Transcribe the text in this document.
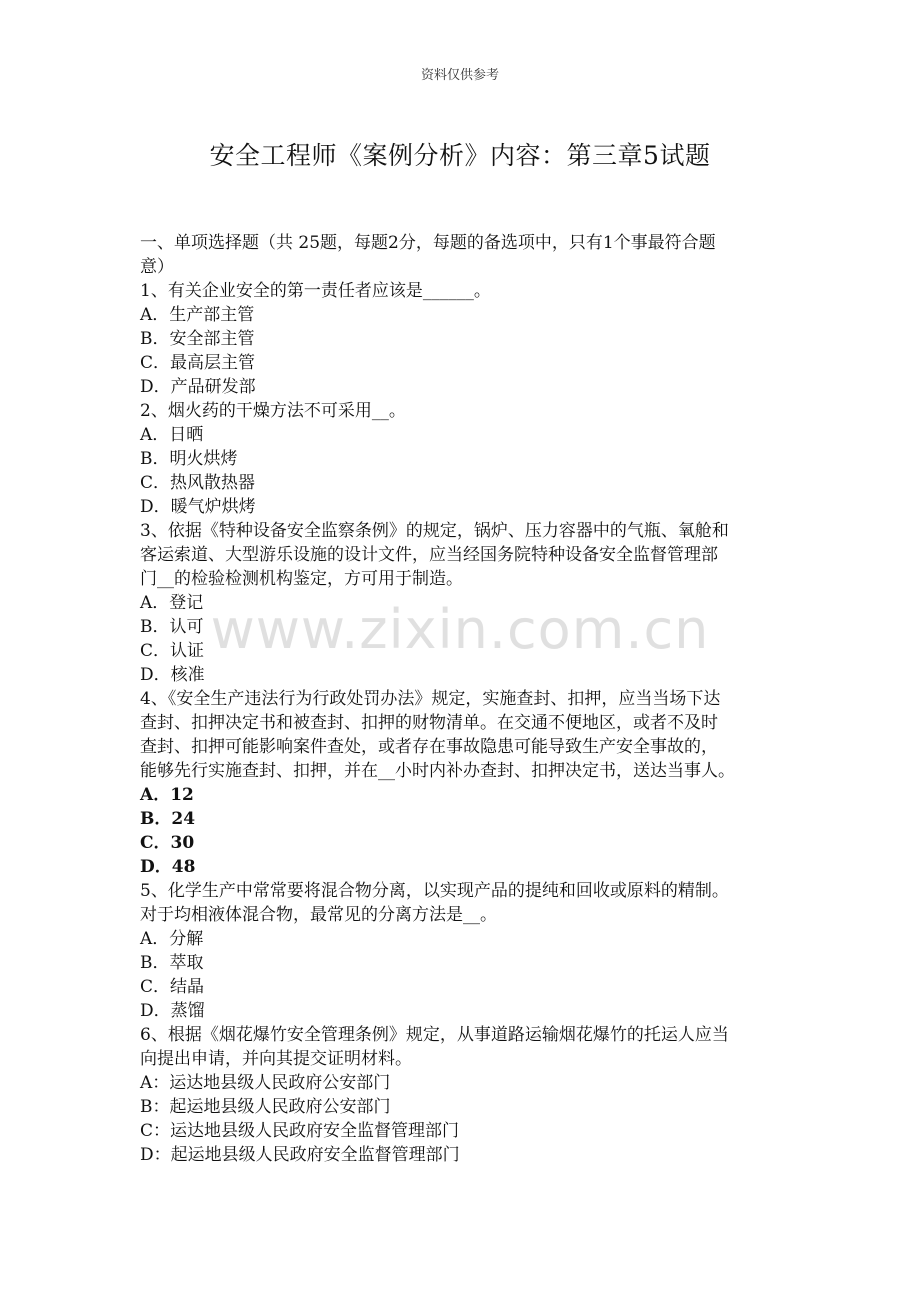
资料仅供参考
安全工程师《案例分析》内容：第三章5试题
www.zixin.com.cn
一、单项选择题（共 25题，每题2分，每题的备选项中，只有1个事最符合题
意）
1、有关企业安全的第一责任者应该是______。
A．生产部主管
B．安全部主管
C．最高层主管
D．产品研发部
2、烟火药的干燥方法不可采用__。
A．日晒
B．明火烘烤
C．热风散热器
D．暖气炉烘烤
3、依据《特种设备安全监察条例》的规定，锅炉、压力容器中的气瓶、氧舱和
客运索道、大型游乐设施的设计文件，应当经国务院特种设备安全监督管理部
门__的检验检测机构鉴定，方可用于制造。
A．登记
B．认可
C．认证
D．核准
4、《安全生产违法行为行政处罚办法》规定，实施查封、扣押，应当当场下达
查封、扣押决定书和被查封、扣押的财物清单。在交通不便地区，或者不及时
查封、扣押可能影响案件查处，或者存在事故隐患可能导致生产安全事故的，
能够先行实施查封、扣押，并在__小时内补办查封、扣押决定书，送达当事人。
A．12
B．24
C．30
D．48
5、化学生产中常常要将混合物分离，以实现产品的提纯和回收或原料的精制。
对于均相液体混合物，最常见的分离方法是__。
A．分解
B．萃取
C．结晶
D．蒸馏
6、根据《烟花爆竹安全管理条例》规定，从事道路运输烟花爆竹的托运人应当
向提出申请，并向其提交证明材料。
A：运达地县级人民政府公安部门
B：起运地县级人民政府公安部门
C：运达地县级人民政府安全监督管理部门
D：起运地县级人民政府安全监督管理部门
